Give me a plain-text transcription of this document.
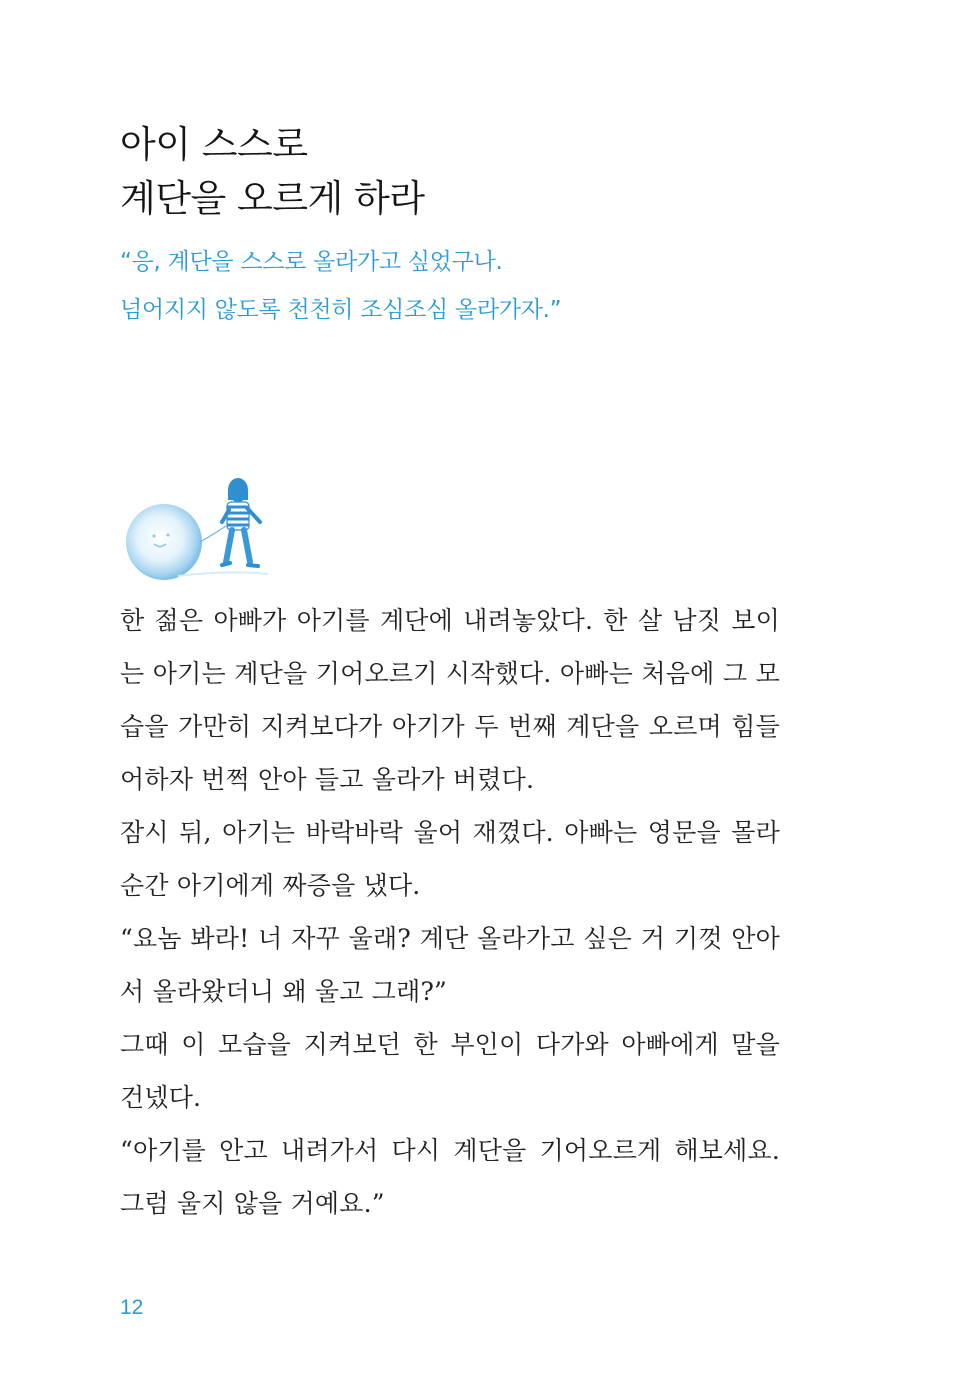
아이 스스로
계단을 오르게 하라
“응, 계단을 스스로 올라가고 싶었구나.
넘어지지 않도록 천천히 조심조심 올라가자.”
한 젊은 아빠가 아기를 계단에 내려놓았다. 한 살 남짓 보이
는 아기는 계단을 기어오르기 시작했다. 아빠는 처음에 그 모
습을 가만히 지켜보다가 아기가 두 번째 계단을 오르며 힘들
어하자 번쩍 안아 들고 올라가 버렸다.
잠시 뒤, 아기는 바락바락 울어 재꼈다. 아빠는 영문을 몰라
순간 아기에게 짜증을 냈다.
“요놈 봐라! 너 자꾸 울래? 계단 올라가고 싶은 거 기껏 안아
서 올라왔더니 왜 울고 그래?”
그때 이 모습을 지켜보던 한 부인이 다가와 아빠에게 말을
건넸다.
“아기를 안고 내려가서 다시 계단을 기어오르게 해보세요.
그럼 울지 않을 거예요.”
12
